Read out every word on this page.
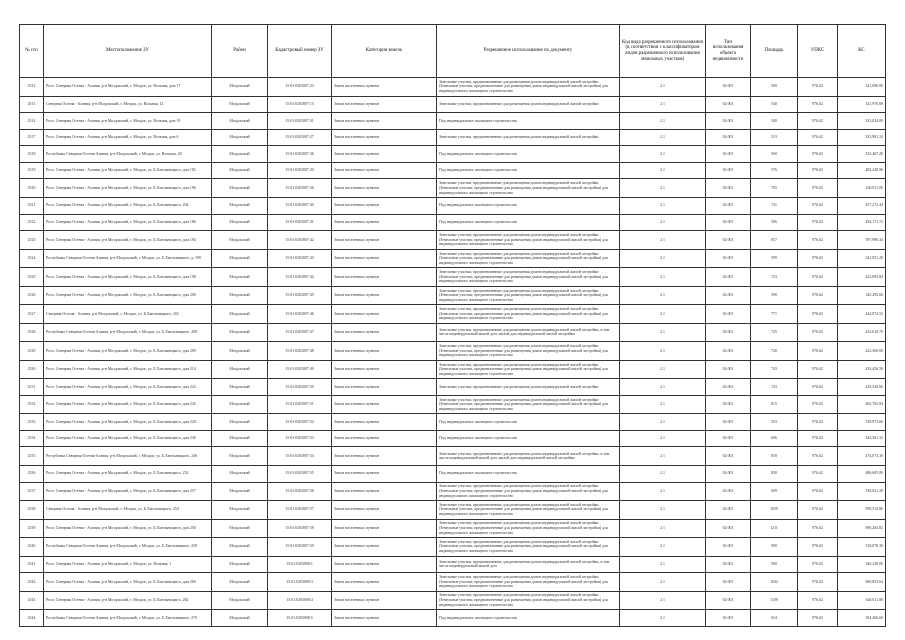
№ п/п	Местоположение ЗУ	Район	Кадастровый номер ЗУ	Категория земель	Разрешенное использование по документу	Код вида разрешенного использования (в соответствии с классификатором видов разрешенного использования земельных участков)	Тип использования объекта недвижимости	Площадь	УПКС	КС
2512	Респ. Северная Осетия - Алания, р-н Моздокский, г. Моздок, ул. Вольная, дом 17	Моздокский	15:01:0203007:23	Земли населенных пунктов	Земельные участки, предназначенные для размещения домов индивидуальной жилой застройки (Земельные участки, предназначенные для размещения домов индивидуальной жилой застройки) для индивидуального жилищного строительства	2.1	02:001	500	976,62	321,096.00
2513	Северная Осетия - Алания, р-н Моздокский, г. Моздок, ул. Вольная, 12	Моздокский	15:01:0203007:15	Земли населенных пунктов	Земельные участки, предназначенные для размещения домов индивидуальной жилой застройки	2.1	02:001	540	976,62	321,976.00
2514	Респ. Северная Осетия - Алания, р-н Моздокский, г. Моздок, ул. Вольная, дом 19	Моздокский	15:01:0203007:31	Земли населенных пунктов	Под индивидуальное жилищное строительство	2.1	02:001	540	976,62	323,024.00
2517	Респ. Северная Осетия - Алания, р-н Моздокский, г. Моздок, ул. Вольная, дом 6	Моздокский	15:01:0203007:27	Земли населенных пунктов	Земельные участки, предназначенные для размещения домов индивидуальной жилой застройки	2.1	02:001	513	976,62	323,981.24
2518	Республика Северная Осетия-Алания, р-н Моздокский, г. Моздок, ул. Вольная, 28	Моздокский	15:01:0203007:36	Земли населенных пунктов	Под индивидуальное жилищное строительство	2.1	02:001	560	976,62	323,467.20
2519	Респ. Северная Осетия - Алания, р-н Моздокский, г. Моздок, ул. Б.Хмельницкого, дом 182	Моздокский	15:01:0203007:20	Земли населенных пунктов	Под индивидуальное жилищное строительство	2.1	02:001	576	976,62	483,240.96
2520	Респ. Северная Осетия - Алания, р-н Моздокский, г. Моздок, ул. Б.Хмельницкого, дом 196	Моздокский	15:01:0203007:36	Земли населенных пунктов	Земельные участки, предназначенные для размещения домов индивидуальной жилой застройки (Земельные участки, предназначенные для размещения домов индивидуальной жилой застройки) для индивидуального жилищного строительства	2.1	02:001	705	976,62	430,911.00
2521	Респ. Северная Осетия - Алания, р-н Моздокский, г. Моздок, ул. Б.Хмельницкого, 204	Моздокский	15:01:0203007:40	Земли населенных пунктов	Под индивидуальное жилищное строительство	2.1	02:001	741	976,62	437,272.44
2522	Респ. Северная Осетия - Алания, р-н Моздокский, г. Моздок, ул. Б.Хмельницкого, дом 186	Моздокский	15:01:0203007:41	Земли населенных пунктов	Под индивидуальное жилищное строительство	2.1	02:001	506	976,62	494,171.72
2523	Респ. Северная Осетия - Алания, р-н Моздокский, г. Моздок, ул. Б.Хмельницкого, дом 194	Моздокский	15:01:0203007:42	Земли населенных пунктов	Земельные участки, предназначенные для размещения домов индивидуальной жилой застройки (Земельные участки, предназначенные для размещения домов индивидуальной жилой застройки) для индивидуального жилищного строительства	2.1	02:001	657	976,62	397,996.34
2524	Республика Северная Осетия-Алания, р-н Моздокский, г. Моздок, ул. Б.Хмельницкого, д. 190	Моздокский	15:01:0203007:43	Земли населенных пунктов	Земельные участки, предназначенные для размещения домов индивидуальной жилой застройки (Земельные участки, предназначенные для размещения домов индивидуальной жилой застройки) для индивидуального жилищного строительства	2.1	02:001	599	976,62	341,051.28
2525	Респ. Северная Осетия - Алания, р-н Моздокский, г. Моздок, ул. Б.Хмельницкого, дом 198	Моздокский	15:01:0203007:44	Земли населенных пунктов	Земельные участки, предназначенные для размещения домов индивидуальной жилой застройки (Земельные участки, предназначенные для размещения домов индивидуальной жилой застройки) для индивидуального жилищного строительства	2.1	02:001	723	976,62	422,093.84
2526	Респ. Северная Осетия - Алания, р-н Моздокский, г. Моздок, ул. Б.Хмельницкого, дом 200	Моздокский	15:01:0203007:45	Земли населенных пунктов	Земельные участки, предназначенные для размещения домов индивидуальной жилой застройки (Земельные участки, предназначенные для размещения домов индивидуальной жилой застройки) для индивидуального жилищного строительства	2.1	02:001	590	976,62	345,295.60
2527	Северная Осетия - Алания, р-н Моздокский, г. Моздок, ул. Б.Хмельницкого, 202	Моздокский	15:01:0203007:46	Земли населенных пунктов	Земельные участки, предназначенные для размещения домов индивидуальной жилой застройки (Земельные участки, предназначенные для размещения домов индивидуальной жилой застройки) для индивидуального жилищного строительства	2.1	02:001	771	976,62	444,974.52
2528	Республика Северная Осетия-Алания, р-н Моздокский, г. Моздок, ул. Б.Хмельницкого, 208	Моздокский	15:01:0203007:47	Земли населенных пунктов	Земельные участки, предназначенные для размещения домов индивидуальной жилой застройки, в том числе индивидуальный жилой дом, жилой дом индивидуальной жилой застройки	2.1	02:001	725	976,62	422,610.70
2529	Респ. Северная Осетия - Алания, р-н Моздокский, г. Моздок, ул. Б.Хмельницкого, дом 209	Моздокский	15:01:0203007:48	Земли населенных пунктов	Земельные участки, предназначенные для размещения домов индивидуальной жилой застройки (Земельные участки, предназначенные для размещения домов индивидуальной жилой застройки) для индивидуального жилищного строительства	2.1	02:001	720	976,62	422,560.00
2530	Респ. Северная Осетия - Алания, р-н Моздокский, г. Моздок, ул. Б.Хмельницкого, дом 214	Моздокский	15:01:0203007:49	Земли населенных пунктов	Земельные участки, предназначенные для размещения домов индивидуальной жилой застройки (Земельные участки, предназначенные для размещения домов индивидуальной жилой застройки) для индивидуального жилищного строительства	2.1	02:001	743	976,62	433,426.56
2531	Респ. Северная Осетия - Алания, р-н Моздокский, г. Моздок, ул. Б.Хмельницкого, дом 224	Моздокский	15:01:0203007:50	Земли населенных пунктов	Земельные участки, предназначенные для размещения домов индивидуальной жилой застройки	2.1	02:001	743	976,62	429,526.66
2532	Респ. Северная Осетия - Алания, р-н Моздокский, г. Моздок, ул. Б.Хмельницкого, дом 226	Моздокский	15:01:0203007:51	Земли населенных пунктов	Земельные участки, предназначенные для размещения домов индивидуальной жилой застройки (Земельные участки, предназначенные для размещения домов индивидуальной жилой застройки) для индивидуального жилищного строительства	2.1	02:001	815	976,62	465,765.84
2533	Респ. Северная Осетия - Алания, р-н Моздокский, г. Моздок, ул. Б.Хмельницкого, дом 228	Моздокский	15:01:0203007:52	Земли населенных пунктов	Под индивидуальное жилищное строительство	2.1	02:001	553	976,62	339,973.60
2534	Респ. Северная Осетия - Алания, р-н Моздокский, г. Моздок, ул. Б.Хмельницкого, дом 236	Моздокский	15:01:0203007:53	Земли населенных пунктов	Под индивидуальное жилищное строительство	2.1	02:001	606	976,62	343,561.32
2535	Республика Северная Осетия-Алания, р-н Моздокский, г. Моздок, ул. Б.Хмельницкого, 246	Моздокский	15:01:0203007:54	Земли населенных пунктов	Земельные участки, предназначенные для размещения домов индивидуальной жилой застройки, в том числе индивидуальный жилой дом, жилой дом индивидуальной жилой застройки	2.1	02:001	818	976,62	474,073.30
2536	Респ. Северная Осетия - Алания, р-н Моздокский, г. Моздок, ул. Б.Хмельницкого, 252	Моздокский	15:01:0203007:55	Земли населенных пунктов	Под индивидуальное жилищное строительство	2.1	02:001	830	976,62	486,685.80
2537	Респ. Северная Осетия - Алания, р-н Моздокский, г. Моздок, ул. Б.Хмельницкого, дом 257	Моздокский	15:01:0203007:56	Земли населенных пунктов	Земельные участки, предназначенные для размещения домов индивидуальной жилой застройки (Земельные участки, предназначенные для размещения домов индивидуальной жилой застройки) для индивидуального жилищного строительства	2.1	02:001	609	976,62	338,031.28
2538	Северная Осетия - Алания, р-н Моздокский, г. Моздок, ул. Б.Хмельницкого, 254	Моздокский	15:01:0203007:57	Земли населенных пунктов	Земельные участки, предназначенные для размещения домов индивидуальной жилой застройки (Земельные участки, предназначенные для размещения домов индивидуальной жилой застройки) для индивидуального жилищного строительства	2.1	02:001	1059	976,62	599,514.86
2539	Респ. Северная Осетия - Алания, р-н Моздокский, г. Моздок, ул. Б.Хмельницкого, дом 256	Моздокский	15:01:0203007:58	Земли населенных пунктов	Земельные участки, предназначенные для размещения домов индивидуальной жилой застройки (Земельные участки, предназначенные для размещения домов индивидуальной жилой застройки) для индивидуального жилищного строительства	2.1	02:001	1211	976,62	690,204.82
2540	Республика Северная Осетия-Алания, р-н Моздокский, г. Моздок, ул. Б.Хмельницкого, 258	Моздокский	15:01:0203007:59	Земли населенных пунктов	Земельные участки, предназначенные для размещения домов индивидуальной жилой застройки (Земельные участки, предназначенные для размещения домов индивидуальной жилой застройки) для индивидуального жилищного строительства	2.1	02:001	900	976,62	518,078.30
2541	Респ. Северная Осетия - Алания, р-н Моздокский, г. Моздок, ул. Вольная, 1	Моздокский	15:01:0203008:1	Земли населенных пунктов	Земельные участки, предназначенные для размещения домов индивидуальной жилой застройки, в том числе индивидуальный жилой дом	2.1	02:001	590	976,62	340,238.00
2542	Респ. Северная Осетия - Алания, р-н Моздокский, г. Моздок, ул. Б.Хмельницкого, дом 260	Моздокский	15:01:0203008:3	Земли населенных пунктов	Земельные участки, предназначенные для размещения домов индивидуальной жилой застройки (Земельные участки, предназначенные для размещения домов индивидуальной жилой застройки) для индивидуального жилищного строительства	2.1	02:001	1042	976,62	600,853.64
2543	Респ. Северная Осетия - Алания, р-н Моздокский, г. Моздок, ул. Б.Хмельницкого, 262	Моздокский	15:01:0203008:4	Земли населенных пунктов	Земельные участки, предназначенные для размещения домов индивидуальной жилой застройки (Земельные участки, предназначенные для размещения домов индивидуальной жилой застройки) для индивидуального жилищного строительства	2.1	02:001	1100	976,62	626,011.88
2544	Республика Северная Осетия-Алания, р-н Моздокский, г. Моздок, ул. Б.Хмельницкого, 270	Моздокский	15:01:0203008:5	Земли населенных пунктов	Под индивидуальное жилищное строительство	2.1	02:001	654	976,62	394,266.60
